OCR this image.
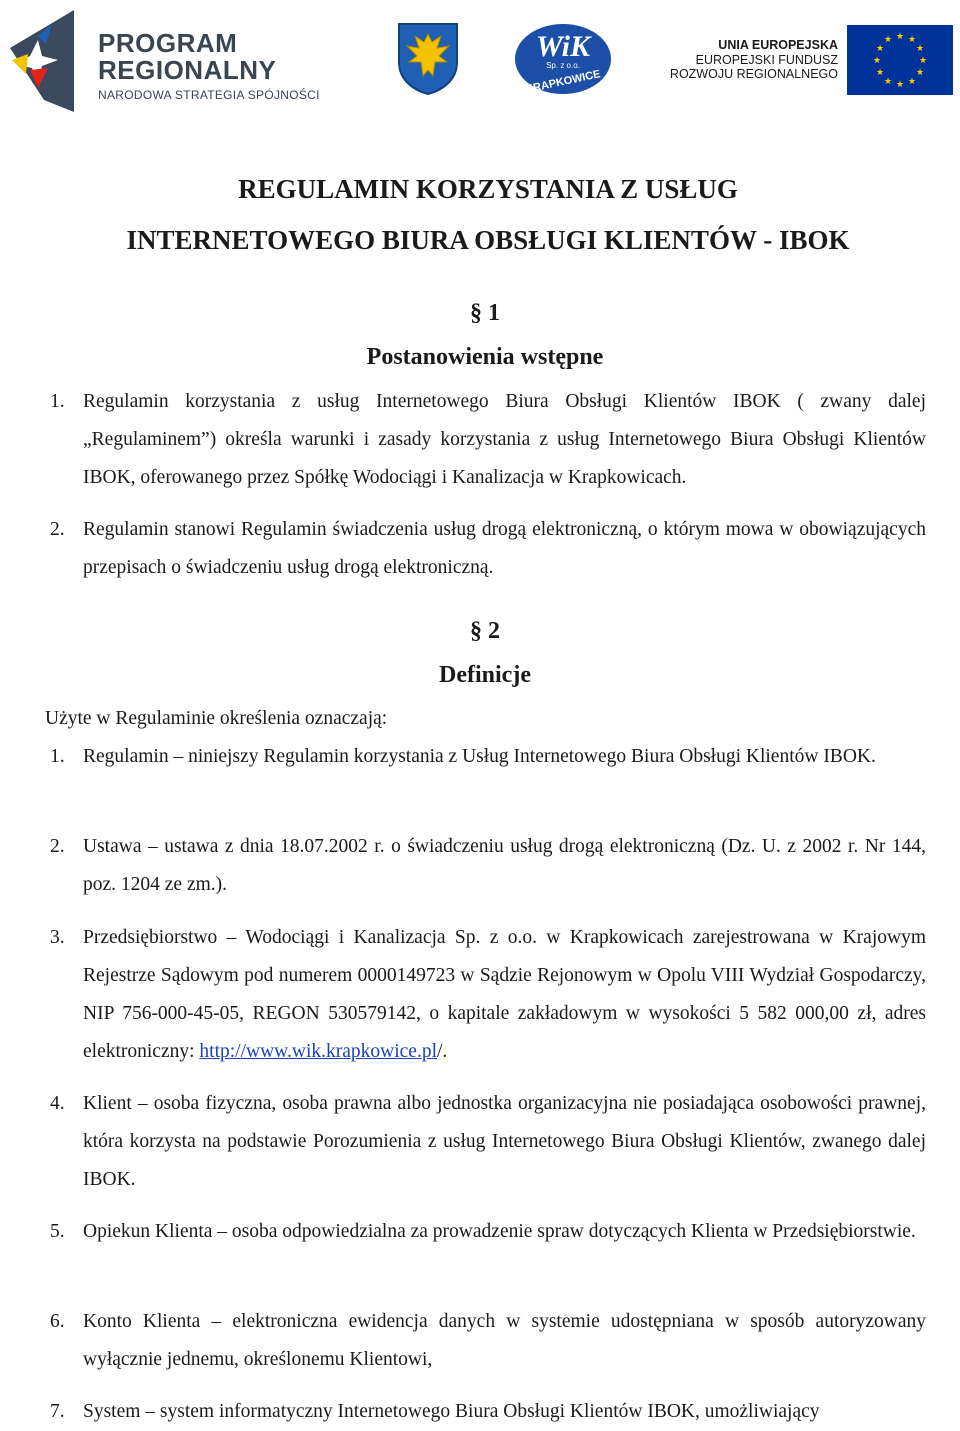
PROGRAM
REGIONALNY
NARODOWA STRATEGIA SPÓJNOŚCI
WiK
Sp. z o.o.
KRAPKOWICE
UNIA EUROPEJSKA
EUROPEJSKI FUNDUSZ
ROZWOJU REGIONALNEGO
★ ★
★
★
★
★
★
★
★
★
★
★
REGULAMIN KORZYSTANIA Z USŁUG
INTERNETOWEGO BIURA OBSŁUGI KLIENTÓW - IBOK
§ 1
Postanowienia wstępne
1. Regulamin korzystania z usług Internetowego Biura Obsługi Klientów IBOK ( zwany dalej „Regulaminem”) określa warunki i zasady korzystania z usług Internetowego Biura Obsługi Klientów IBOK, oferowanego przez Spółkę Wodociągi i Kanalizacja w Krapkowicach.
2. Regulamin stanowi Regulamin świadczenia usług drogą elektroniczną, o którym mowa w obowiązujących przepisach o świadczeniu usług drogą elektroniczną.
§ 2
Definicje
Użyte w Regulaminie określenia oznaczają:
1. Regulamin – niniejszy Regulamin korzystania z Usług Internetowego Biura Obsługi Klientów IBOK.
2. Ustawa – ustawa z dnia 18.07.2002 r. o świadczeniu usług drogą elektroniczną (Dz. U. z 2002 r. Nr 144, poz. 1204 ze zm.).
3. Przedsiębiorstwo – Wodociągi i Kanalizacja Sp. z o.o. w Krapkowicach zarejestrowana w Krajowym Rejestrze Sądowym pod numerem 0000149723 w Sądzie Rejonowym w Opolu VIII Wydział Gospodarczy, NIP 756-000-45-05, REGON 530579142, o kapitale zakładowym w wysokości 5 582 000,00 zł, adres elektroniczny: http://www.wik.krapkowice.pl/.
4. Klient – osoba fizyczna, osoba prawna albo jednostka organizacyjna nie posiadająca osobowości prawnej, która korzysta na podstawie Porozumienia z usług Internetowego Biura Obsługi Klientów, zwanego dalej IBOK.
5. Opiekun Klienta – osoba odpowiedzialna za prowadzenie spraw dotyczących Klienta w Przedsiębiorstwie.
6. Konto Klienta – elektroniczna ewidencja danych w systemie udostępniana w sposób autoryzowany wyłącznie jednemu, określonemu Klientowi,
7. System – system informatyczny Internetowego Biura Obsługi Klientów IBOK, umożliwiający
